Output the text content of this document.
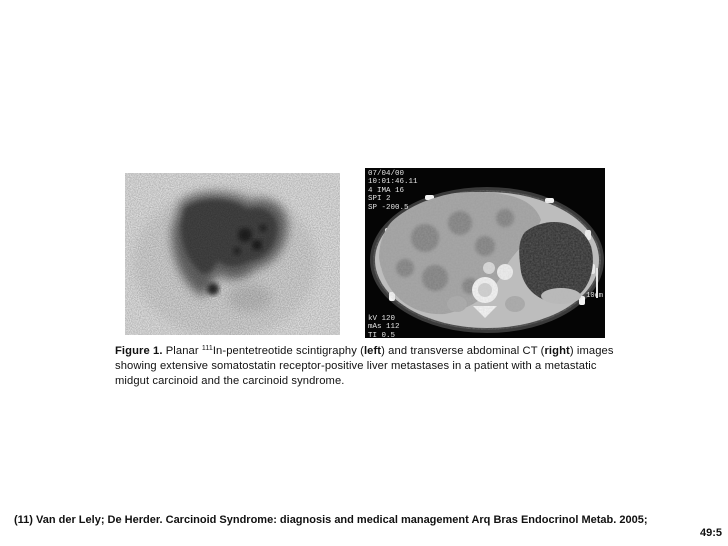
07/04/00
10:01:46.11
4 IMA 16
SPI 2
SP -200.5
kV 120
mAs 112
TI 0.5
10cm
Figure 1. Planar $^{111}$In-pentetreotide scintigraphy (left) and transverse abdominal CT (right) images showing extensive somatostatin receptor-positive liver metastases in a patient with a metastatic midgut carcinoid and the carcinoid syndrome.
(11) Van der Lely; De Herder. Carcinoid Syndrome: diagnosis and medical management Arq Bras Endocrinol Metab. 2005;
49:5
